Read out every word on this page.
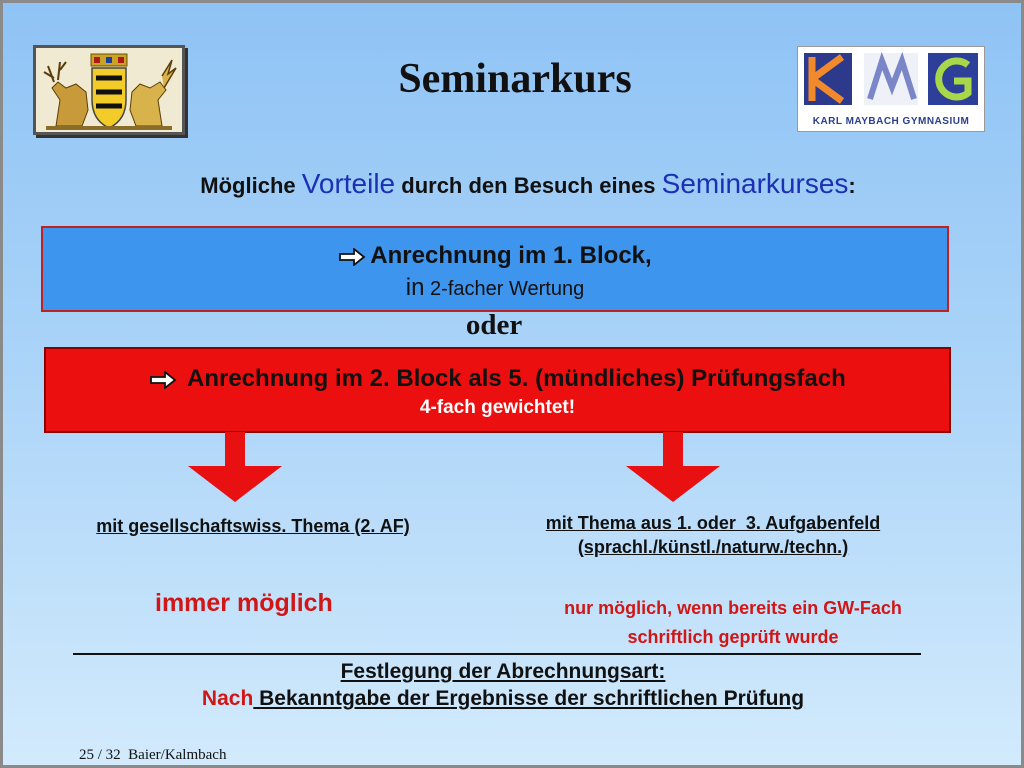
Seminarkurs
KARL MAYBACH GYMNASIUM
Mögliche Vorteile durch den Besuch eines Seminarkurses:
Anrechnung im 1. Block,
in 2-facher Wertung
oder
Anrechnung im 2. Block als 5. (mündliches) Prüfungsfach
4-fach gewichtet!
mit gesellschaftswiss. Thema (2. AF)
immer möglich
mit Thema aus 1. oder  3. Aufgabenfeld
(sprachl./künstl./naturw./techn.)
nur möglich, wenn bereits ein GW-Fach
schriftlich geprüft wurde
Festlegung der Abrechnungsart:
Nach Bekanntgabe der Ergebnisse der schriftlichen Prüfung
25 / 32  Baier/Kalmbach
